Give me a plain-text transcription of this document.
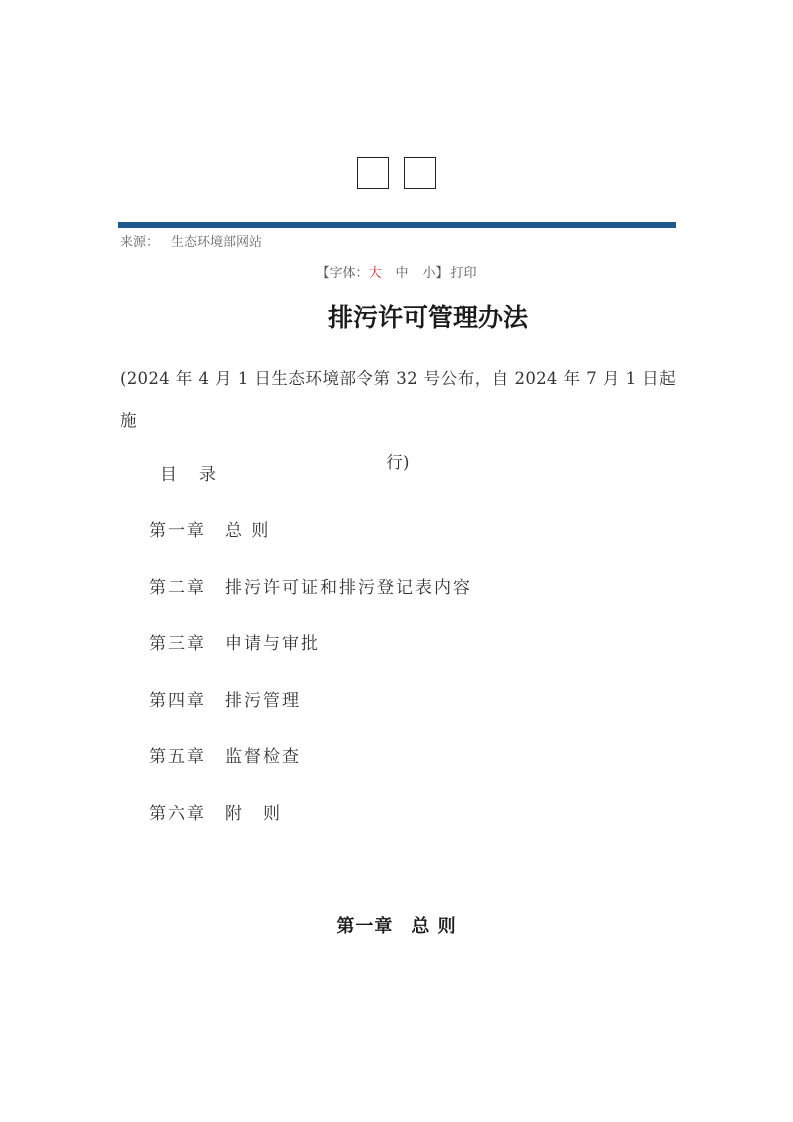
来源： 生态环境部网站
【字体：大 中 小】 打印
排污许可管理办法
(2024 年 4 月 1 日生态环境部令第 32 号公布，自 2024 年 7 月 1 日起施
行)
目录
第一章 总 则
第二章 排污许可证和排污登记表内容
第三章 申请与审批
第四章 排污管理
第五章 监督检查
第六章 附　则
第一章 总 则
